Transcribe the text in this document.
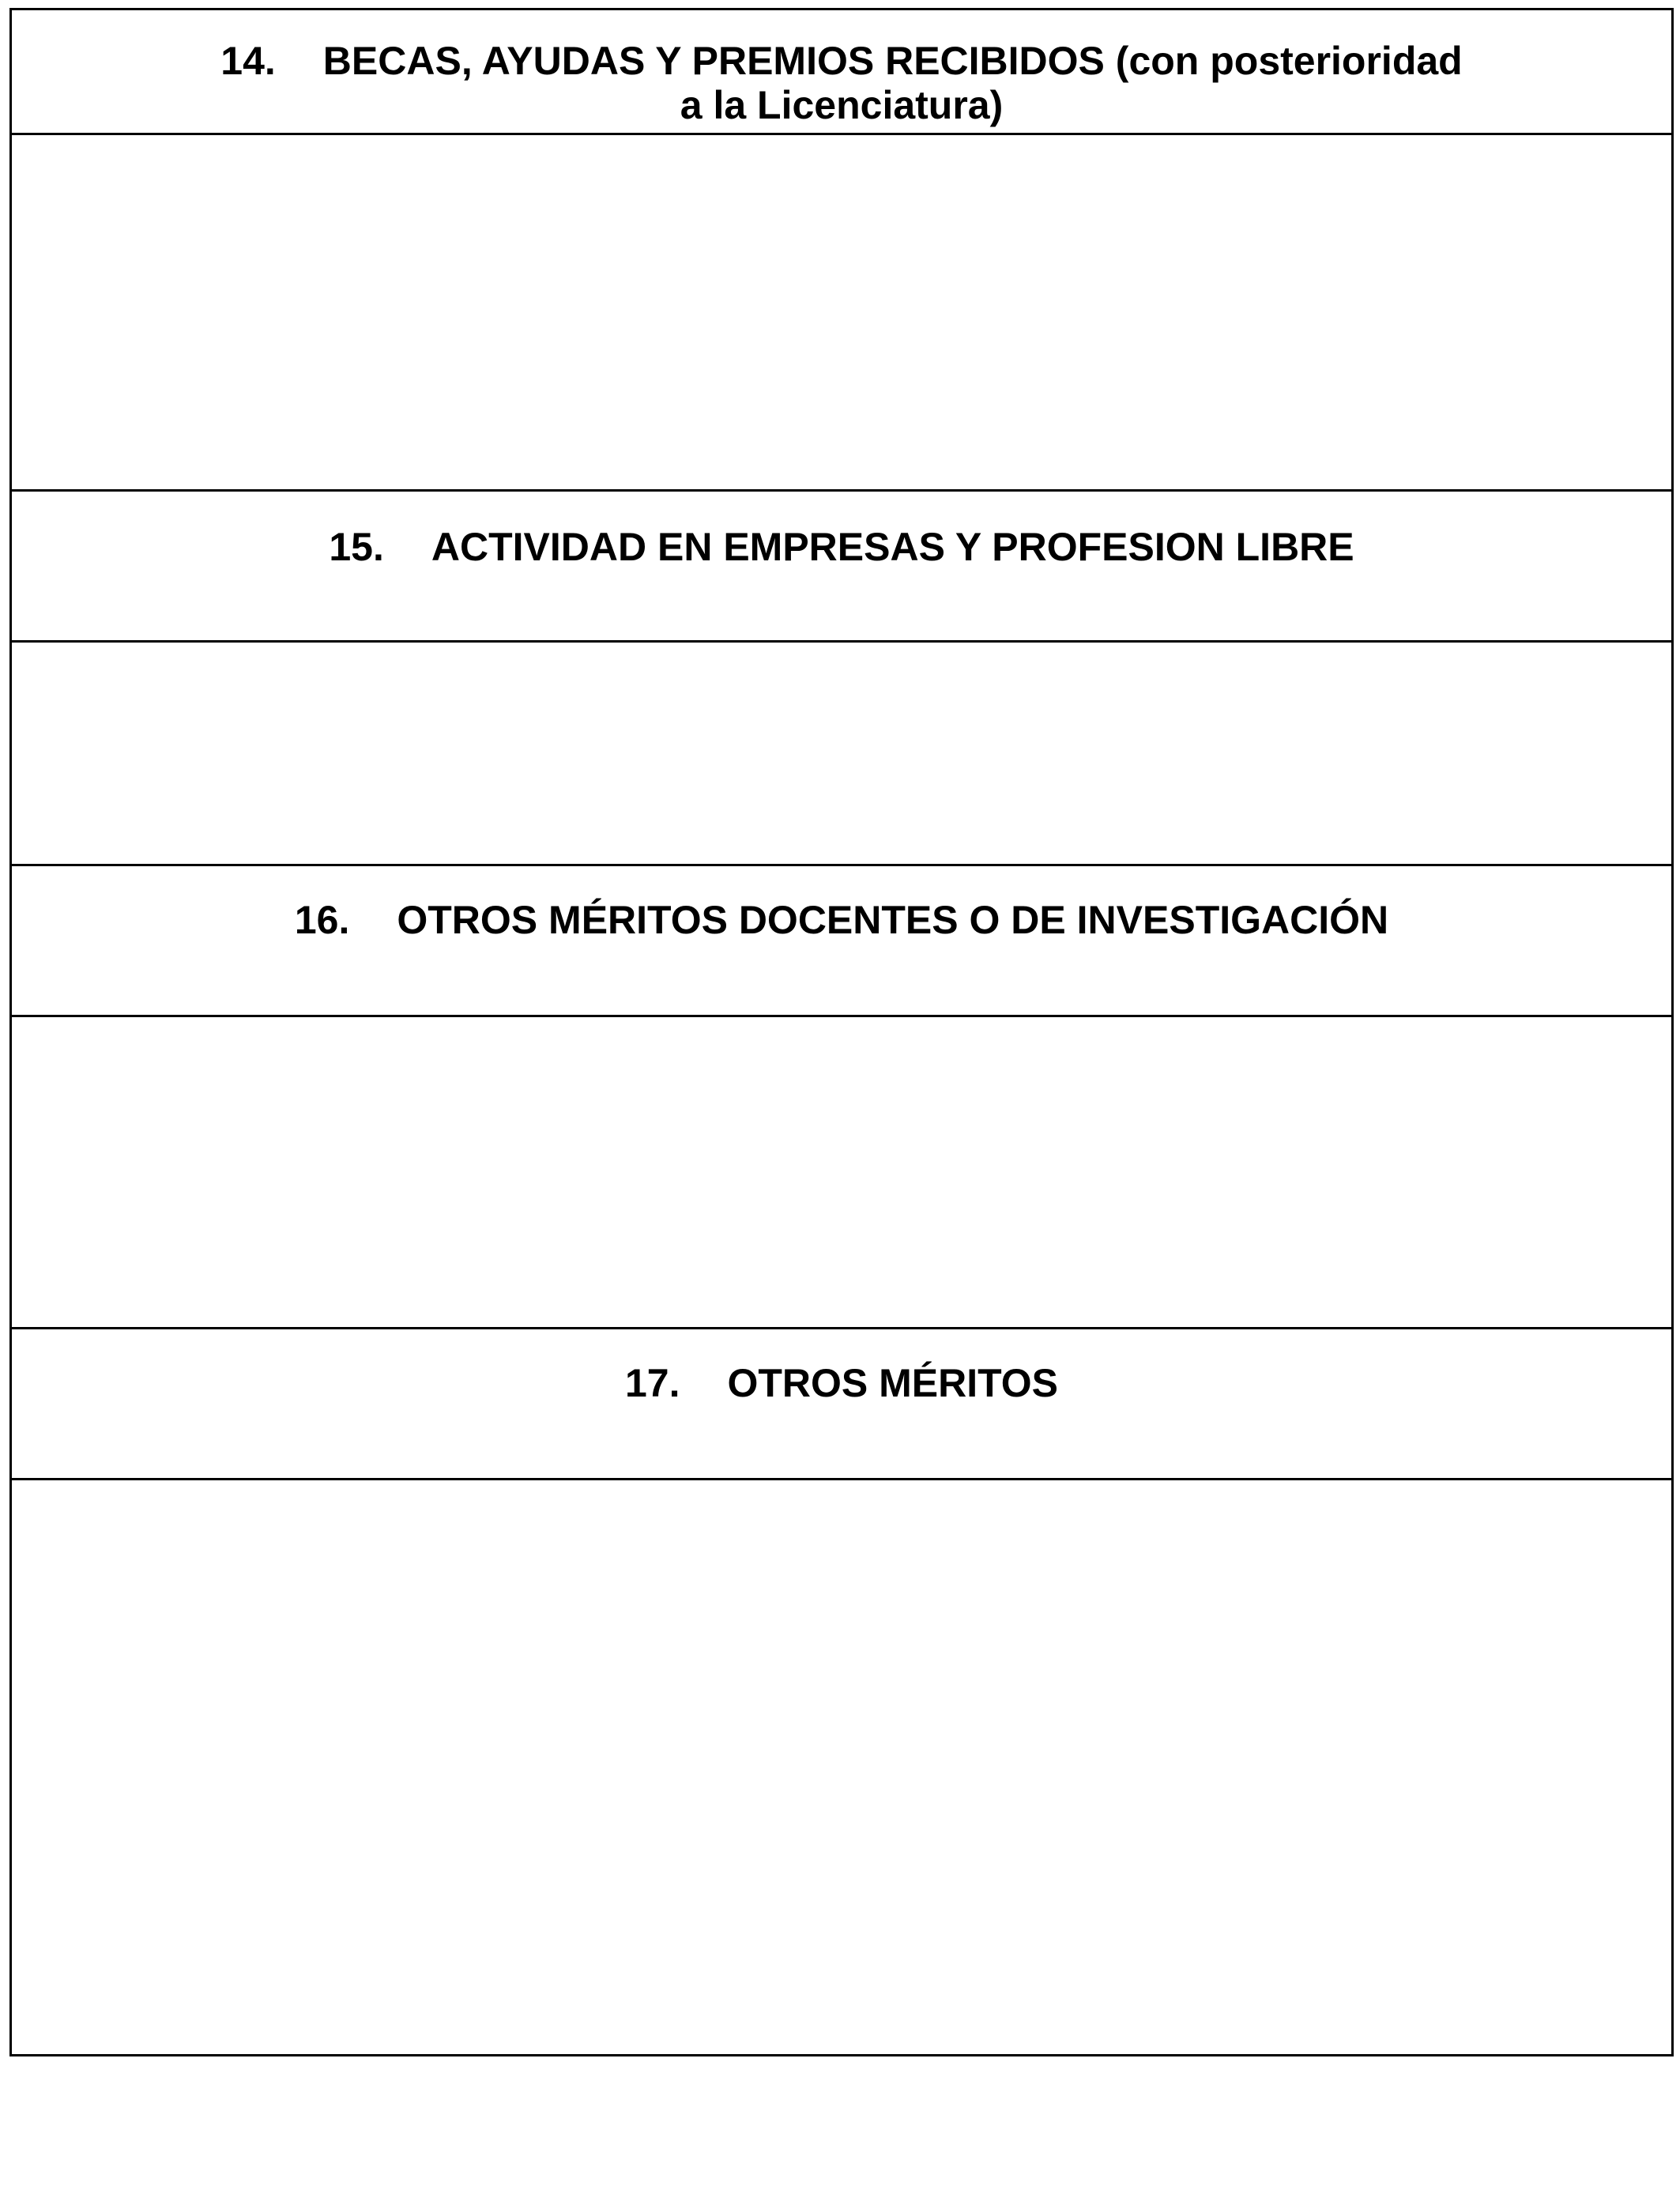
14. BECAS, AYUDAS Y PREMIOS RECIBIDOS (con posterioridad
a la Licenciatura)
15. ACTIVIDAD EN EMPRESAS Y PROFESION LIBRE
16. OTROS MÉRITOS DOCENTES O DE INVESTIGACIÓN
17. OTROS MÉRITOS
